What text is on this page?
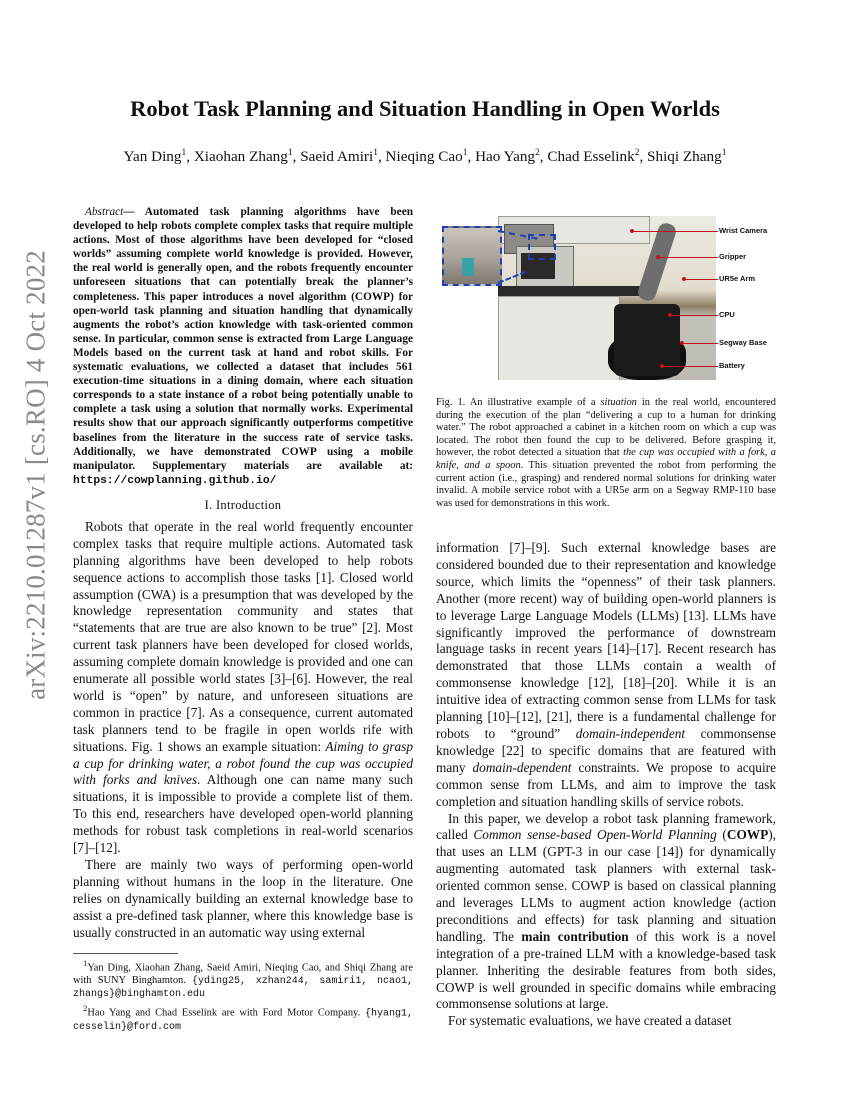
arXiv:2210.01287v1 [cs.RO] 4 Oct 2022
Robot Task Planning and Situation Handling in Open Worlds
Yan Ding$^1$, Xiaohan Zhang$^1$, Saeid Amiri$^1$, Nieqing Cao$^1$, Hao Yang$^2$, Chad Esselink$^2$, Shiqi Zhang$^1$

Abstract— Automated task planning algorithms have been developed to help robots complete complex tasks that require multiple actions. Most of those algorithms have been developed for “closed worlds” assuming complete world knowledge is provided. However, the real world is generally open, and the robots frequently encounter unforeseen situations that can potentially break the planner’s completeness. This paper introduces a novel algorithm (COWP) for open-world task planning and situation handling that dynamically augments the robot’s action knowledge with task-oriented common sense. In particular, common sense is extracted from Large Language Models based on the current task at hand and robot skills. For systematic evaluations, we collected a dataset that includes 561 execution-time situations in a dining domain, where each situation corresponds to a state instance of a robot being potentially unable to complete a task using a solution that normally works. Experimental results show that our approach significantly outperforms competitive baselines from the literature in the success rate of service tasks. Additionally, we have demonstrated COWP using a mobile manipulator. Supplementary materials are available at: https://cowplanning.github.io/

I. Introduction

Robots that operate in the real world frequently encounter complex tasks that require multiple actions. Automated task planning algorithms have been developed to help robots sequence actions to accomplish those tasks [1]. Closed world assumption (CWA) is a presumption that was developed by the knowledge representation community and states that “statements that are true are also known to be true” [2]. Most current task planners have been developed for closed worlds, assuming complete domain knowledge is provided and one can enumerate all possible world states [3]–[6]. However, the real world is “open” by nature, and unforeseen situations are common in practice [7]. As a consequence, current automated task planners tend to be fragile in open worlds rife with situations. Fig. 1 shows an example situation: Aiming to grasp a cup for drinking water, a robot found the cup was occupied with forks and knives. Although one can name many such situations, it is impossible to provide a complete list of them. To this end, researchers have developed open-world planning methods for robust task completions in real-world scenarios [7]–[12].

There are mainly two ways of performing open-world planning without humans in the loop in the literature. One relies on dynamically building an external knowledge base to assist a pre-defined task planner, where this knowledge base is usually constructed in an automatic way using external

$^1$Yan Ding, Xiaohan Zhang, Saeid Amiri, Nieqing Cao, and Shiqi Zhang are with SUNY Binghamton. {yding25, xzhan244, samiri1, ncao1, zhangs}@binghamton.edu

$^2$Hao Yang and Chad Esselink are with Ford Motor Company. {hyang1, cesselin}@ford.com

Wrist Camera
Gripper
UR5e Arm
CPU
Segway Base
Battery

Fig. 1. An illustrative example of a situation in the real world, encountered during the execution of the plan “delivering a cup to a human for drinking water.” The robot approached a cabinet in a kitchen room on which a cup was located. The robot then found the cup to be delivered. Before grasping it, however, the robot detected a situation that the cup was occupied with a fork, a knife, and a spoon. This situation prevented the robot from performing the current action (i.e., grasping) and rendered normal solutions for drinking water invalid. A mobile service robot with a UR5e arm on a Segway RMP-110 base was used for demonstrations in this work.

information [7]–[9]. Such external knowledge bases are considered bounded due to their representation and knowledge source, which limits the “openness” of their task planners. Another (more recent) way of building open-world planners is to leverage Large Language Models (LLMs) [13]. LLMs have significantly improved the performance of downstream language tasks in recent years [14]–[17]. Recent research has demonstrated that those LLMs contain a wealth of commonsense knowledge [12], [18]–[20]. While it is an intuitive idea of extracting common sense from LLMs for task planning [10]–[12], [21], there is a fundamental challenge for robots to “ground” domain-independent commonsense knowledge [22] to specific domains that are featured with many domain-dependent constraints. We propose to acquire common sense from LLMs, and aim to improve the task completion and situation handling skills of service robots.

In this paper, we develop a robot task planning framework, called Common sense-based Open-World Planning (COWP), that uses an LLM (GPT-3 in our case [14]) for dynamically augmenting automated task planners with external task-oriented common sense. COWP is based on classical planning and leverages LLMs to augment action knowledge (action preconditions and effects) for task planning and situation handling. The main contribution of this work is a novel integration of a pre-trained LLM with a knowledge-based task planner. Inheriting the desirable features from both sides, COWP is well grounded in specific domains while embracing commonsense solutions at large.

For systematic evaluations, we have created a dataset
